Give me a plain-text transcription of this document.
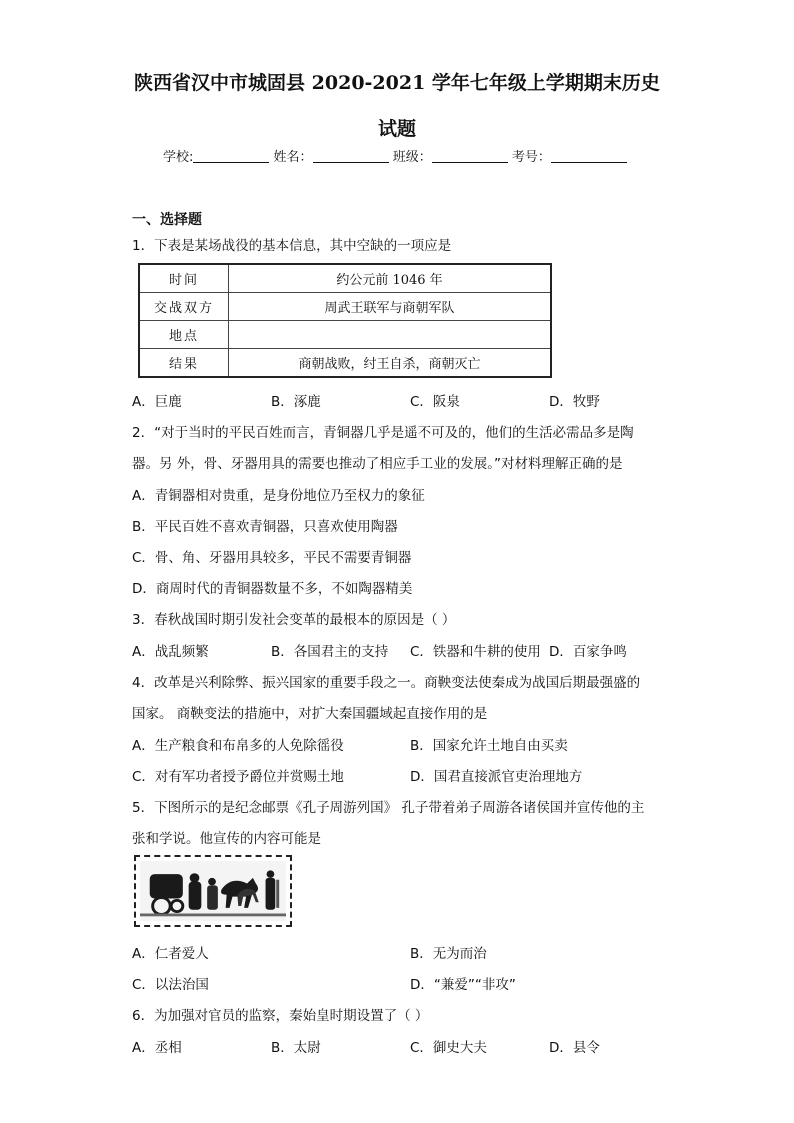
陕西省汉中市城固县 2020-2021 学年七年级上学期期末历史
试题
学校:	姓名：	班级：	考号：
一、选择题
1．下表是某场战役的基本信息，其中空缺的一项应是
时间	约公元前 1046 年
交战双方	周武王联军与商朝军队
地点	
结果	商朝战败，纣王自杀，商朝灭亡
A．巨鹿	B．涿鹿	C．阪泉	D．牧野
2．“对于当时的平民百姓而言，青铜器几乎是遥不可及的，他们的生活必需品多是陶
器。另 外，骨、牙器用具的需要也推动了相应手工业的发展。”对材料理解正确的是
A．青铜器相对贵重，是身份地位乃至权力的象征
B．平民百姓不喜欢青铜器，只喜欢使用陶器
C．骨、角、牙器用具较多，平民不需要青铜器
D．商周时代的青铜器数量不多，不如陶器精美
3．春秋战国时期引发社会变革的最根本的原因是（ ）
A．战乱频繁	B．各国君主的支持 C．铁器和牛耕的使用 D．百家争鸣
4．改革是兴利除弊、振兴国家的重要手段之一。商鞅变法使秦成为战国后期最强盛的
国家。 商鞅变法的措施中，对扩大秦国疆域起直接作用的是
A．生产粮食和布帛多的人免除徭役	B．国家允许土地自由买卖
C．对有军功者授予爵位并赏赐土地	D．国君直接派官吏治理地方
5．下图所示的是纪念邮票《孔子周游列国》 孔子带着弟子周游各诸侯国并宣传他的主
张和学说。他宣传的内容可能是
A．仁者爱人	B．无为而治
C．以法治国	D．“兼爱”“非攻”
6．为加强对官员的监察，秦始皇时期设置了（ ）
A．丞相	B．太尉	C．御史大夫	D．县令
